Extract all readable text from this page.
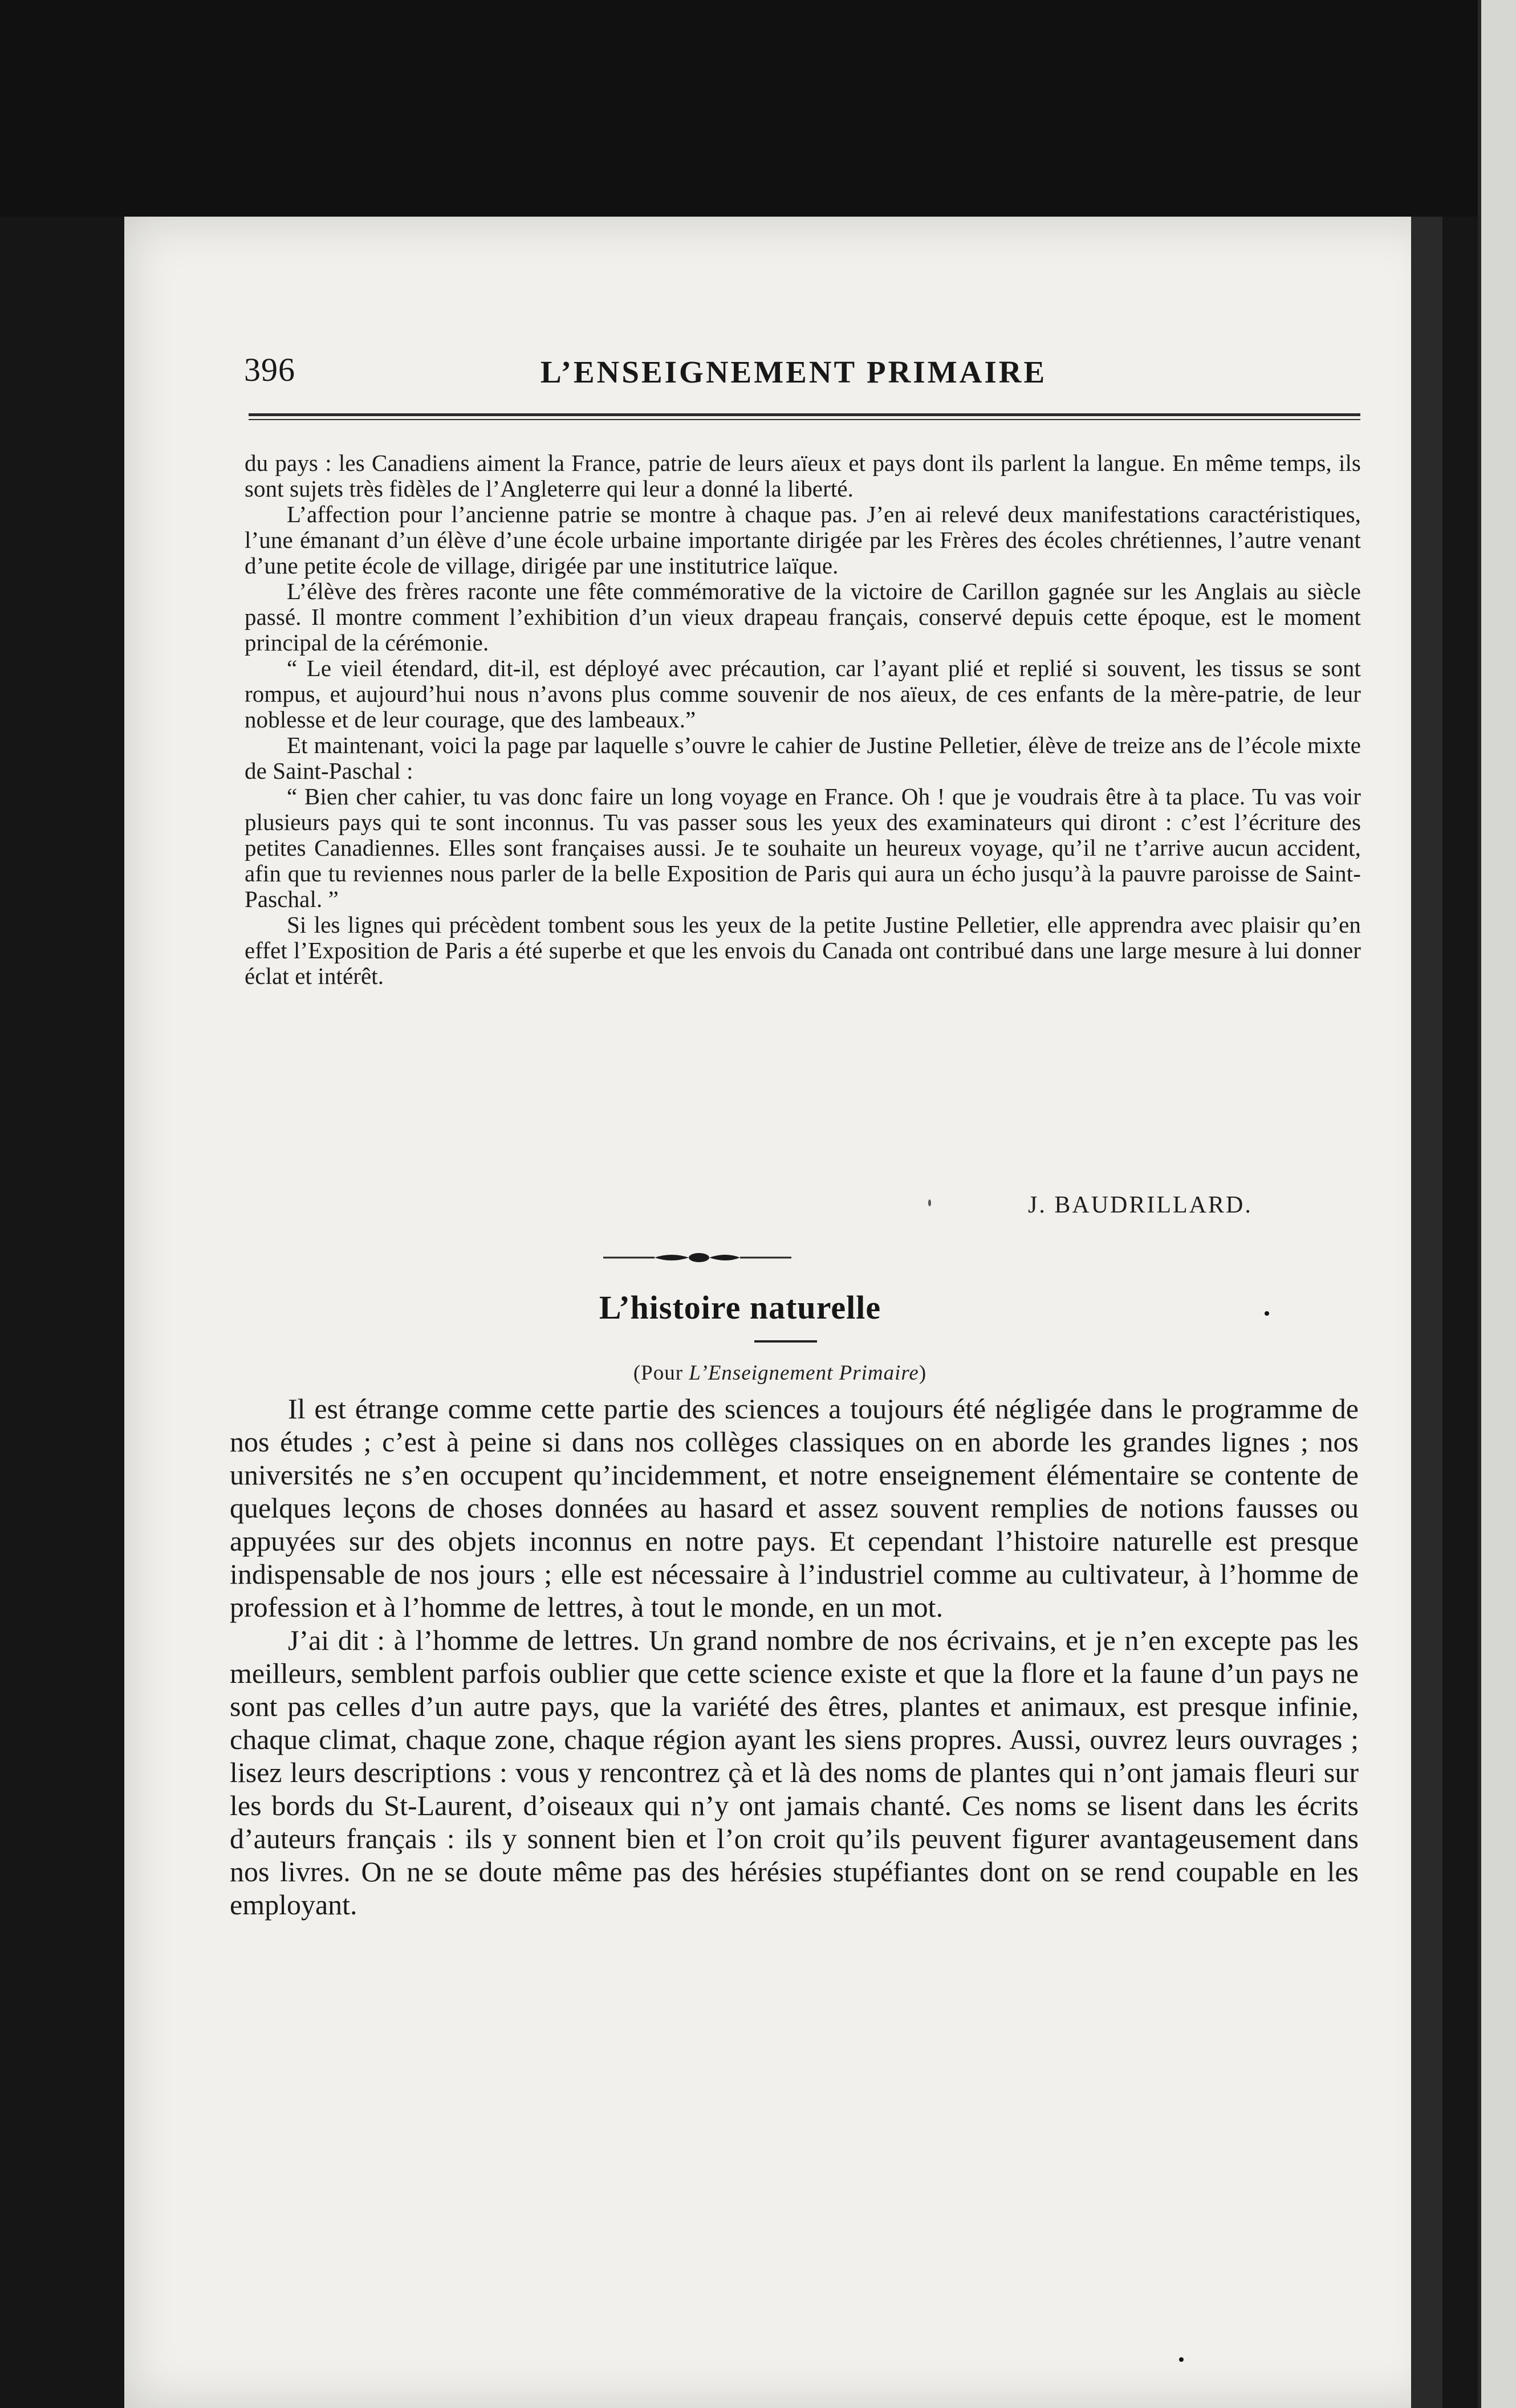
396	L’ENSEIGNEMENT PRIMAIRE

du pays : les Canadiens aiment la France, patrie de leurs aïeux et pays dont ils parlent la langue. En même temps, ils sont sujets très fidèles de l’Angleterre qui leur a donné la liberté.

L’affection pour l’ancienne patrie se montre à chaque pas. J’en ai relevé deux manifestations caractéristiques, l’une émanant d’un élève d’une école urbaine importante dirigée par les Frères des écoles chrétiennes, l’autre venant d’une petite école de village, dirigée par une institutrice laïque.

L’élève des frères raconte une fête commémorative de la victoire de Carillon gagnée sur les Anglais au siècle passé. Il montre comment l’exhibition d’un vieux drapeau français, conservé depuis cette époque, est le moment principal de la cérémonie.

“ Le vieil étendard, dit-il, est déployé avec précaution, car l’ayant plié et replié si souvent, les tissus se sont rompus, et aujourd’hui nous n’avons plus comme souvenir de nos aïeux, de ces enfants de la mère-patrie, de leur noblesse et de leur courage, que des lambeaux.”

Et maintenant, voici la page par laquelle s’ouvre le cahier de Justine Pelletier, élève de treize ans de l’école mixte de Saint-Paschal :

“ Bien cher cahier, tu vas donc faire un long voyage en France. Oh ! que je voudrais être à ta place. Tu vas voir plusieurs pays qui te sont inconnus. Tu vas passer sous les yeux des examinateurs qui diront : c’est l’écriture des petites Canadiennes. Elles sont françaises aussi. Je te souhaite un heureux voyage, qu’il ne t’arrive aucun accident, afin que tu reviennes nous parler de la belle Exposition de Paris qui aura un écho jusqu’à la pauvre paroisse de Saint-Paschal. ”

Si les lignes qui précèdent tombent sous les yeux de la petite Justine Pelletier, elle apprendra avec plaisir qu’en effet l’Exposition de Paris a été superbe et que les envois du Canada ont contribué dans une large mesure à lui donner éclat et intérêt.

J. BAUDRILLARD.
L’histoire naturelle
(Pour L’Enseignement Primaire)

Il est étrange comme cette partie des sciences a toujours été négligée dans le programme de nos études ; c’est à peine si dans nos collèges classiques on en aborde les grandes lignes ; nos universités ne s’en occupent qu’incidemment, et notre enseignement élémentaire se contente de quelques leçons de choses données au hasard et assez souvent remplies de notions fausses ou appuyées sur des objets inconnus en notre pays. Et cependant l’histoire naturelle est presque indispensable de nos jours ; elle est nécessaire à l’industriel comme au cultivateur, à l’homme de profession et à l’homme de lettres, à tout le monde, en un mot.

J’ai dit : à l’homme de lettres. Un grand nombre de nos écrivains, et je n’en excepte pas les meilleurs, semblent parfois oublier que cette science existe et que la flore et la faune d’un pays ne sont pas celles d’un autre pays, que la variété des êtres, plantes et animaux, est presque infinie, chaque climat, chaque zone, chaque région ayant les siens propres. Aussi, ouvrez leurs ouvrages ; lisez leurs descriptions : vous y rencontrez çà et là des noms de plantes qui n’ont jamais fleuri sur les bords du St-Laurent, d’oiseaux qui n’y ont jamais chanté. Ces noms se lisent dans les écrits d’auteurs français : ils y sonnent bien et l’on croit qu’ils peuvent figurer avantageusement dans nos livres. On ne se doute même pas des hérésies stupéfiantes dont on se rend coupable en les employant.
